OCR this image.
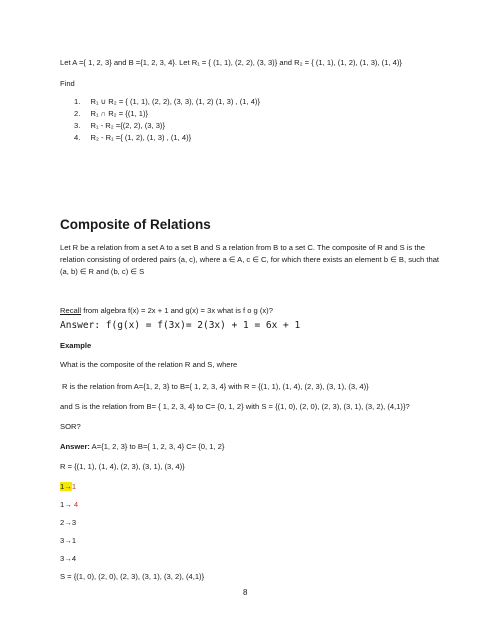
Let A ={ 1, 2, 3} and B ={1, 2, 3, 4}. Let R₁ = { (1, 1), (2, 2), (3, 3)} and R₂ = { (1, 1), (1, 2), (1, 3), (1, 4)}
Find
1. R₁ ∪ R₂ = { (1, 1), (2, 2), (3, 3), (1, 2) (1, 3) , (1, 4)}
2. R₁ ∩ R₂ = {(1, 1)}
3. R₁ - R₂ ={(2, 2), (3, 3)}
4. R₂ - R₁ ={ (1, 2), (1, 3) , (1, 4)}
Composite of Relations
Let R be a relation from a set A to a set B and S a relation from B to a set C. The composite of R and S is the relation consisting of ordered pairs (a, c), where a ∈ A, c ∈ C, for which there exists an element b ∈ B, such that (a, b) ∈ R and (b, c) ∈ S
Recall from algebra f(x) = 2x + 1 and g(x) = 3x what is f o g (x)?
Answer: f(g(x) = f(3x)= 2(3x) + 1 = 6x + 1
Example
What is the composite of the relation R and S, where
R is the relation from A={1, 2, 3} to B={ 1, 2, 3, 4} with R = {(1, 1), (1, 4), (2, 3), (3, 1), (3, 4)}
and S is the relation from B= { 1, 2, 3, 4} to C= {0, 1, 2} with S = {(1, 0), (2, 0), (2, 3), (3, 1), (3, 2), (4,1)}?
SOR?
Answer: A={1, 2, 3} to B={ 1, 2, 3, 4} C= {0, 1, 2}
R = {(1, 1), (1, 4), (2, 3), (3, 1), (3, 4)}
1→1
1→ 4
2→3
3→1
3→4
S = {(1, 0), (2, 0), (2, 3), (3, 1), (3, 2), (4,1)}
8
